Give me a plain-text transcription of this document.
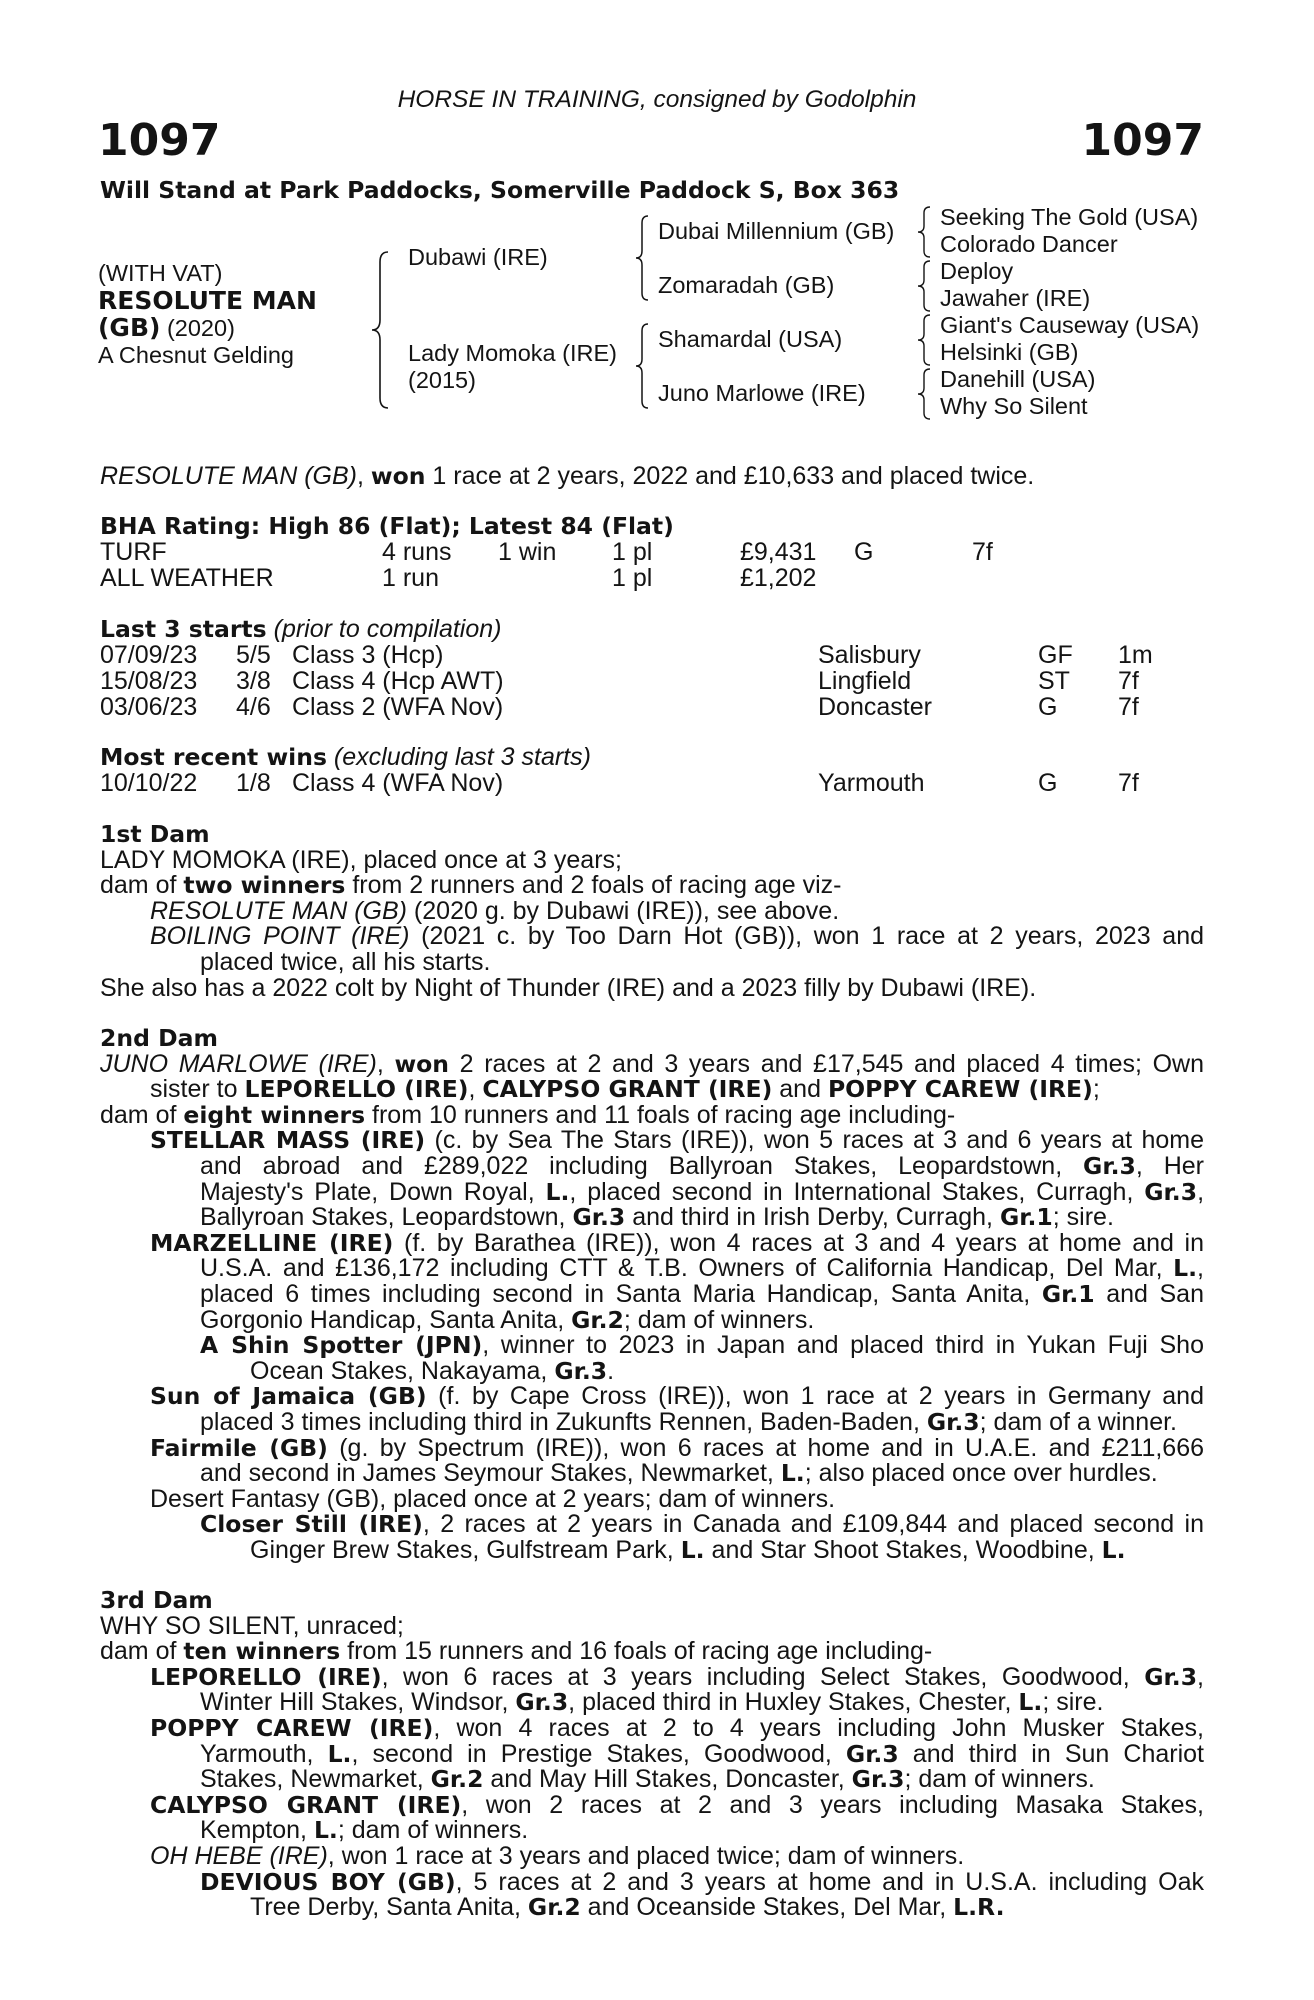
HORSE IN TRAINING, consigned by Godolphin
1097	1097
Will Stand at Park Paddocks, Somerville Paddock S, Box 363
(WITH VAT)
RESOLUTE MAN
(GB) (2020)
A Chesnut Gelding
Dubawi (IRE)
Lady Momoka (IRE)
(2015)
Dubai Millennium (GB)
Zomaradah (GB)
Shamardal (USA)
Juno Marlowe (IRE)
Seeking The Gold (USA)
Colorado Dancer
Deploy
Jawaher (IRE)
Giant's Causeway (USA)
Helsinki (GB)
Danehill (USA)
Why So Silent
RESOLUTE MAN (GB), won 1 race at 2 years, 2022 and £10,633 and placed twice.
BHA Rating: High 86 (Flat); Latest 84 (Flat)
TURF	4 runs 1 win 1 pl	£9,431 G	7f
ALL WEATHER	1 run	1 pl	£1,202
Last 3 starts (prior to compilation)
07/09/23 5/5 Class 3 (Hcp)	Salisbury	GF 1m
15/08/23 3/8 Class 4 (Hcp AWT)	Lingfield	ST 7f
03/06/23 4/6 Class 2 (WFA Nov)	Doncaster	G 7f
Most recent wins (excluding last 3 starts)
10/10/22 1/8 Class 4 (WFA Nov)	Yarmouth	G 7f
1st Dam
LADY MOMOKA (IRE), placed once at 3 years;
dam of two winners from 2 runners and 2 foals of racing age viz-
RESOLUTE MAN (GB) (2020 g. by Dubawi (IRE)), see above.
BOILING POINT (IRE) (2021 c. by Too Darn Hot (GB)), won 1 race at 2 years, 2023 and
placed twice, all his starts.
She also has a 2022 colt by Night of Thunder (IRE) and a 2023 filly by Dubawi (IRE).
2nd Dam
JUNO MARLOWE (IRE), won 2 races at 2 and 3 years and £17,545 and placed 4 times; Own
sister to LEPORELLO (IRE), CALYPSO GRANT (IRE) and POPPY CAREW (IRE);
dam of eight winners from 10 runners and 11 foals of racing age including-
STELLAR MASS (IRE) (c. by Sea The Stars (IRE)), won 5 races at 3 and 6 years at home
and abroad and £289,022 including Ballyroan Stakes, Leopardstown, Gr.3, Her
Majesty's Plate, Down Royal, L., placed second in International Stakes, Curragh, Gr.3,
Ballyroan Stakes, Leopardstown, Gr.3 and third in Irish Derby, Curragh, Gr.1; sire.
MARZELLINE (IRE) (f. by Barathea (IRE)), won 4 races at 3 and 4 years at home and in
U.S.A. and £136,172 including CTT & T.B. Owners of California Handicap, Del Mar, L.,
placed 6 times including second in Santa Maria Handicap, Santa Anita, Gr.1 and San
Gorgonio Handicap, Santa Anita, Gr.2; dam of winners.
A Shin Spotter (JPN), winner to 2023 in Japan and placed third in Yukan Fuji Sho
Ocean Stakes, Nakayama, Gr.3.
Sun of Jamaica (GB) (f. by Cape Cross (IRE)), won 1 race at 2 years in Germany and
placed 3 times including third in Zukunfts Rennen, Baden-Baden, Gr.3; dam of a winner.
Fairmile (GB) (g. by Spectrum (IRE)), won 6 races at home and in U.A.E. and £211,666
and second in James Seymour Stakes, Newmarket, L.; also placed once over hurdles.
Desert Fantasy (GB), placed once at 2 years; dam of winners.
Closer Still (IRE), 2 races at 2 years in Canada and £109,844 and placed second in
Ginger Brew Stakes, Gulfstream Park, L. and Star Shoot Stakes, Woodbine, L.
3rd Dam
WHY SO SILENT, unraced;
dam of ten winners from 15 runners and 16 foals of racing age including-
LEPORELLO (IRE), won 6 races at 3 years including Select Stakes, Goodwood, Gr.3,
Winter Hill Stakes, Windsor, Gr.3, placed third in Huxley Stakes, Chester, L.; sire.
POPPY CAREW (IRE), won 4 races at 2 to 4 years including John Musker Stakes,
Yarmouth, L., second in Prestige Stakes, Goodwood, Gr.3 and third in Sun Chariot
Stakes, Newmarket, Gr.2 and May Hill Stakes, Doncaster, Gr.3; dam of winners.
CALYPSO GRANT (IRE), won 2 races at 2 and 3 years including Masaka Stakes,
Kempton, L.; dam of winners.
OH HEBE (IRE), won 1 race at 3 years and placed twice; dam of winners.
DEVIOUS BOY (GB), 5 races at 2 and 3 years at home and in U.S.A. including Oak
Tree Derby, Santa Anita, Gr.2 and Oceanside Stakes, Del Mar, L.R.
